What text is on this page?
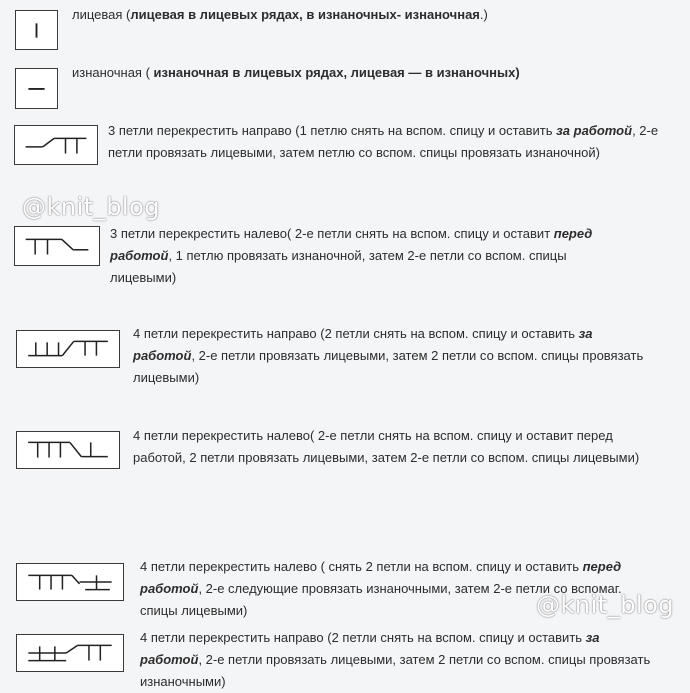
лицевая (лицевая в лицевых рядах, в изнаночных- изнаночная.)
изнаночная ( изнаночная в лицевых рядах, лицевая — в изнаночных)
3 петли перекрестить направо (1 петлю снять на вспом. спицу и оставить за работой, 2-е петли провязать лицевыми, затем петлю со вспом. спицы провязать изнаночной)
3 петли перекрестить налево( 2-е петли снять на вспом. спицу и оставит перед работой, 1 петлю провязать изнаночной, затем 2-е петли со вспом. спицы лицевыми)
4 петли перекрестить направо (2 петли снять на вспом. спицу и оставить за работой, 2-е петли провязать лицевыми, затем 2 петли со вспом. спицы провязать лицевыми)
4 петли перекрестить налево( 2-е петли снять на вспом. спицу и оставит перед работой, 2 петли провязать лицевыми, затем 2-е петли со вспом. спицы лицевыми)
4 петли перекрестить налево ( снять 2 петли на вспом. спицу и оставить перед работой, 2-е следующие провязать изнаночными, затем 2-е петли со вспомаг. спицы лицевыми)
4 петли перекрестить направо (2 петли снять на вспом. спицу и оставить за работой, 2-е петли провязать лицевыми, затем 2 петли со вспом. спицы провязать изнаночными)
@knit_blog
@knit_blog
